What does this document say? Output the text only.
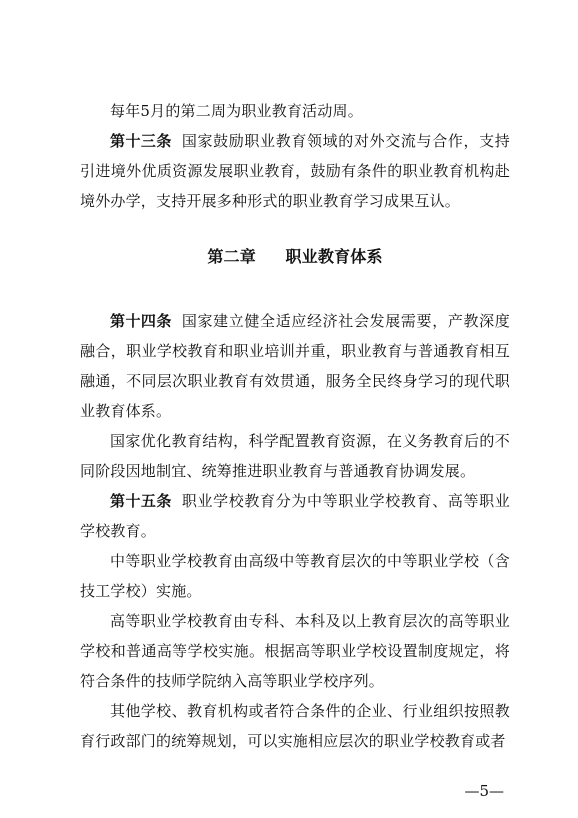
每年5月的第二周为职业教育活动周。

第十三条 国家鼓励职业教育领域的对外交流与合作，支持引进境外优质资源发展职业教育，鼓励有条件的职业教育机构赴境外办学，支持开展多种形式的职业教育学习成果互认。

第二章 职业教育体系

第十四条 国家建立健全适应经济社会发展需要，产教深度融合，职业学校教育和职业培训并重，职业教育与普通教育相互融通，不同层次职业教育有效贯通，服务全民终身学习的现代职业教育体系。

国家优化教育结构，科学配置教育资源，在义务教育后的不同阶段因地制宜、统筹推进职业教育与普通教育协调发展。

第十五条 职业学校教育分为中等职业学校教育、高等职业学校教育。

中等职业学校教育由高级中等教育层次的中等职业学校（含技工学校）实施。

高等职业学校教育由专科、本科及以上教育层次的高等职业学校和普通高等学校实施。根据高等职业学校设置制度规定，将符合条件的技师学院纳入高等职业学校序列。

其他学校、教育机构或者符合条件的企业、行业组织按照教育行政部门的统筹规划，可以实施相应层次的职业学校教育或者

—5—
